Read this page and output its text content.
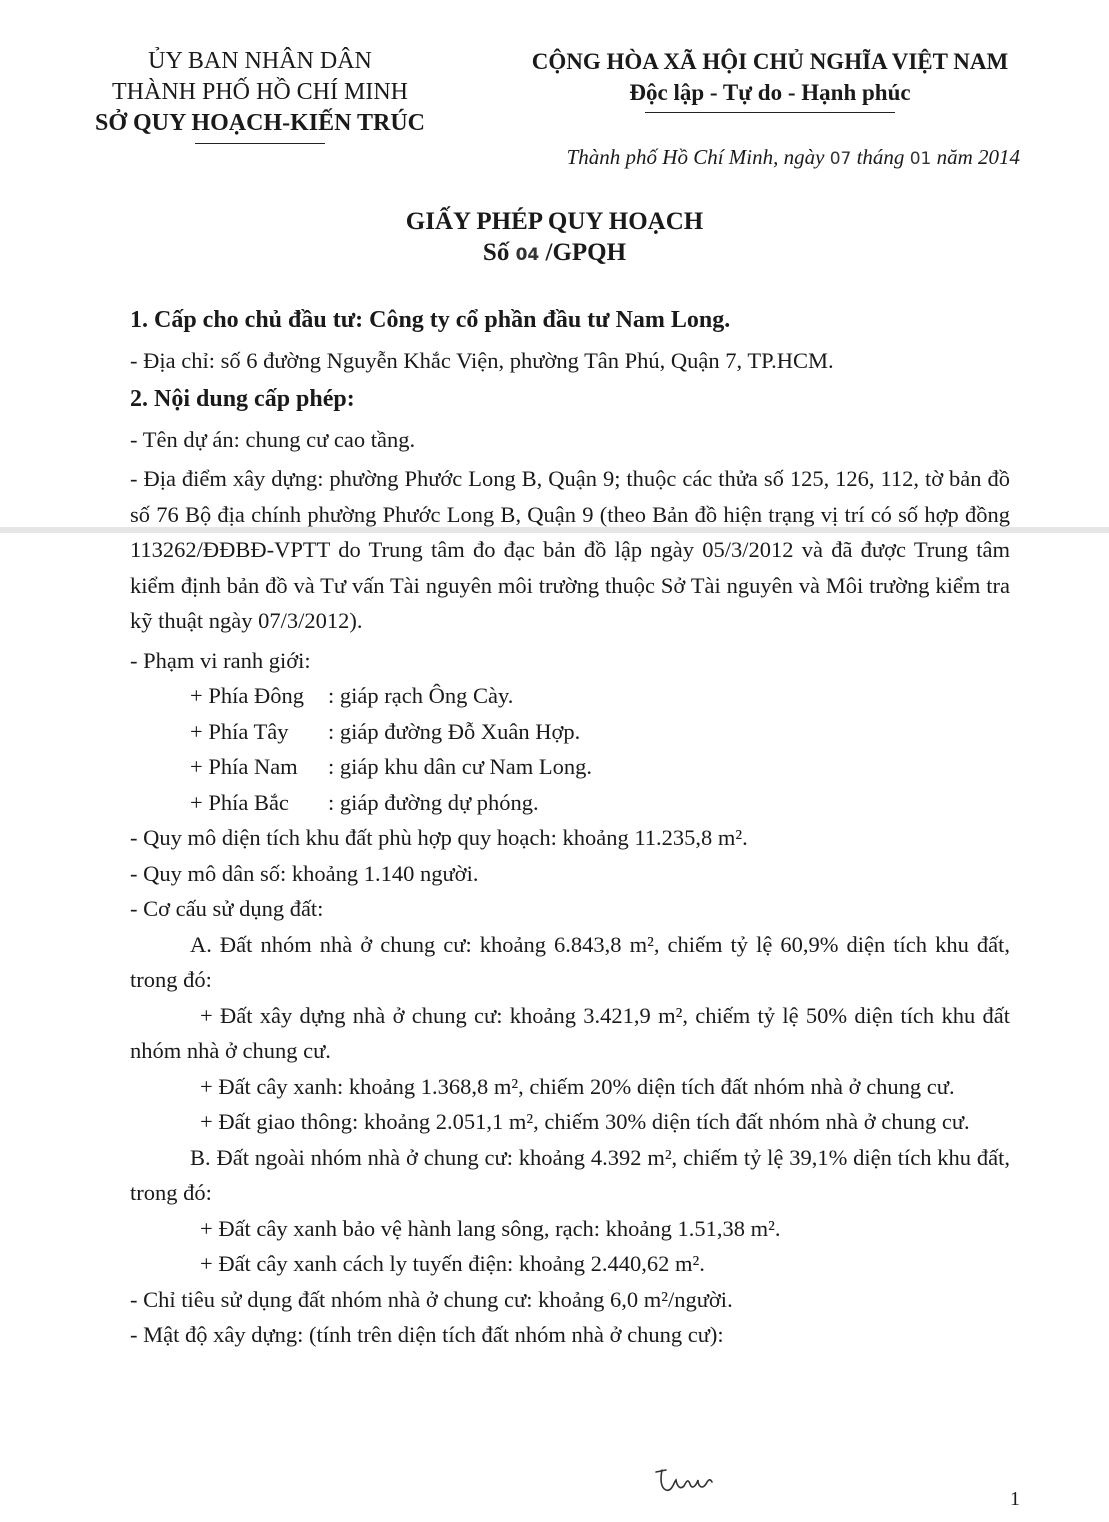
ỦY BAN NHÂN DÂN
THÀNH PHỐ HỒ CHÍ MINH
SỞ QUY HOẠCH-KIẾN TRÚC
CỘNG HÒA XÃ HỘI CHỦ NGHĨA VIỆT NAM
Độc lập - Tự do - Hạnh phúc
Thành phố Hồ Chí Minh, ngày 07 tháng 01 năm 2014
GIẤY PHÉP QUY HOẠCH
Số 04 /GPQH

1. Cấp cho chủ đầu tư: Công ty cổ phần đầu tư Nam Long.

- Địa chỉ: số 6 đường Nguyễn Khắc Viện, phường Tân Phú, Quận 7, TP.HCM.

2. Nội dung cấp phép:

- Tên dự án: chung cư cao tầng.

- Địa điểm xây dựng: phường Phước Long B, Quận 9; thuộc các thửa số 125, 126, 112, tờ bản đồ số 76 Bộ địa chính phường Phước Long B, Quận 9 (theo Bản đồ hiện trạng vị trí có số hợp đồng 113262/ĐĐBĐ-VPTT do Trung tâm đo đạc bản đồ lập ngày 05/3/2012 và đã được Trung tâm kiểm định bản đồ và Tư vấn Tài nguyên môi trường thuộc Sở Tài nguyên và Môi trường kiểm tra kỹ thuật ngày 07/3/2012).

- Phạm vi ranh giới:

+ Phía Đông : giáp rạch Ông Cày.

+ Phía Tây : giáp đường Đỗ Xuân Hợp.

+ Phía Nam : giáp khu dân cư Nam Long.

+ Phía Bắc : giáp đường dự phóng.

- Quy mô diện tích khu đất phù hợp quy hoạch: khoảng 11.235,8 m².

- Quy mô dân số: khoảng 1.140 người.

- Cơ cấu sử dụng đất:

A. Đất nhóm nhà ở chung cư: khoảng 6.843,8 m², chiếm tỷ lệ 60,9% diện tích khu đất, trong đó:

+ Đất xây dựng nhà ở chung cư: khoảng 3.421,9 m², chiếm tỷ lệ 50% diện tích khu đất nhóm nhà ở chung cư.

+ Đất cây xanh: khoảng 1.368,8 m², chiếm 20% diện tích đất nhóm nhà ở chung cư.

+ Đất giao thông: khoảng 2.051,1 m², chiếm 30% diện tích đất nhóm nhà ở chung cư.

B. Đất ngoài nhóm nhà ở chung cư: khoảng 4.392 m², chiếm tỷ lệ 39,1% diện tích khu đất, trong đó:

+ Đất cây xanh bảo vệ hành lang sông, rạch: khoảng 1.51,38 m².

+ Đất cây xanh cách ly tuyến điện: khoảng 2.440,62 m².

- Chỉ tiêu sử dụng đất nhóm nhà ở chung cư: khoảng 6,0 m²/người.

- Mật độ xây dựng: (tính trên diện tích đất nhóm nhà ở chung cư):

1
